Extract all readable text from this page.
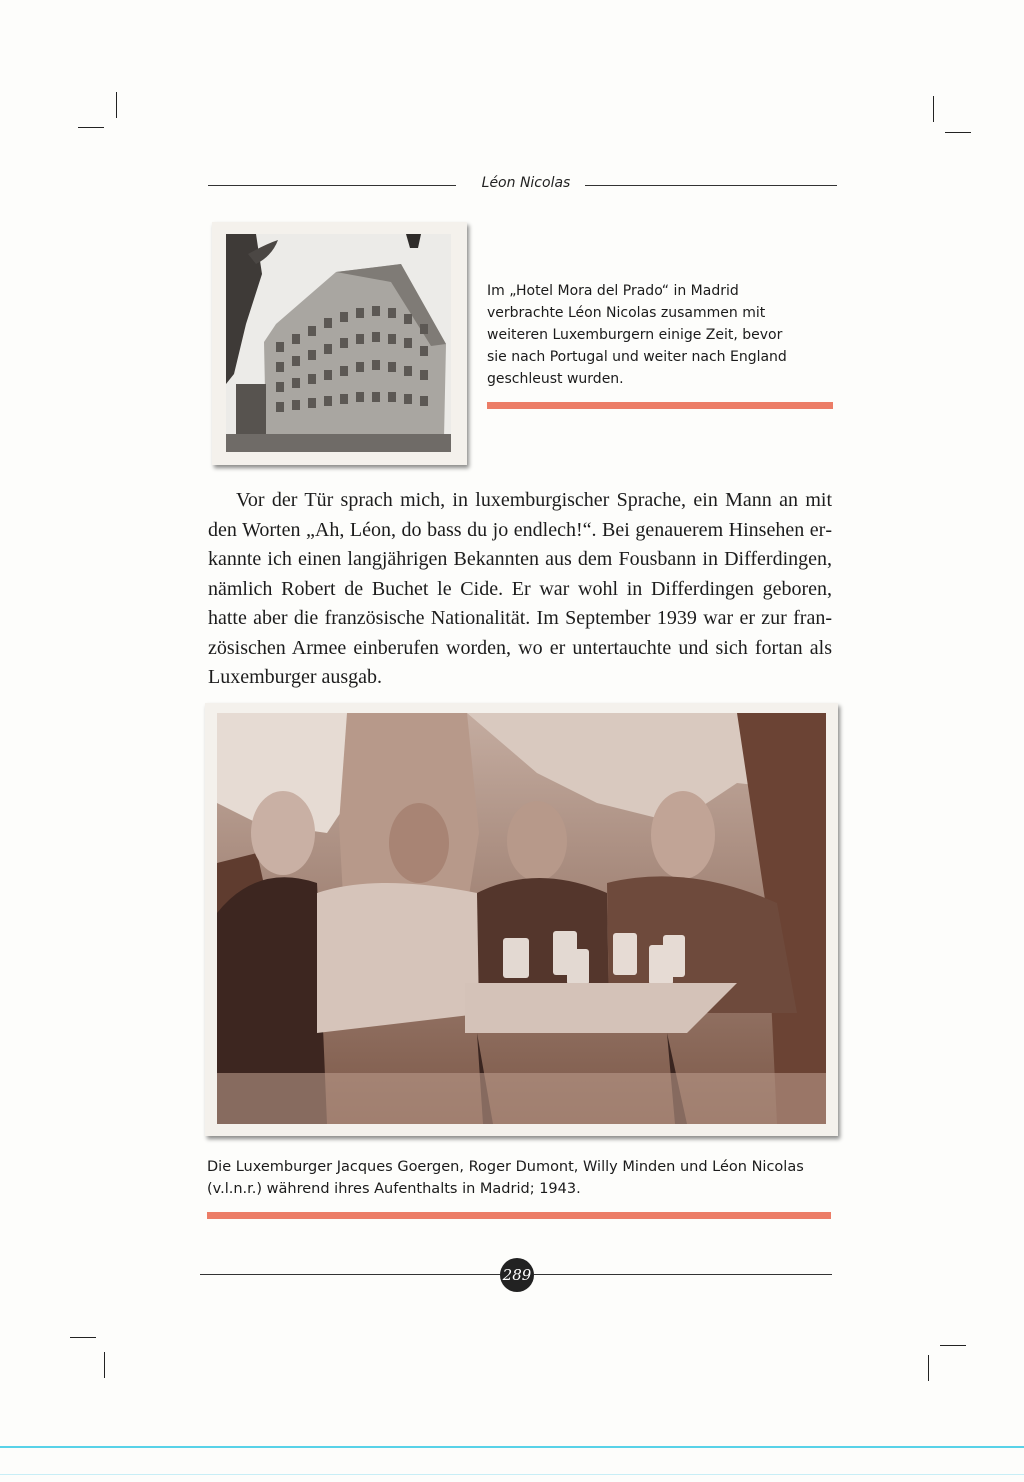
Léon Nicolas
Im „Hotel Mora del Prado“ in Madrid verbrachte Léon Nicolas zusammen mit weiteren Luxemburgern einige Zeit, bevor sie nach Portugal und weiter nach England geschleust wurden.

Vor der Tür sprach mich, in luxemburgischer Sprache, ein Mann an mit den Worten „Ah, Léon, do bass du jo endlech!“. Bei genauerem Hinsehen erkannte ich einen langjährigen Bekannten aus dem Fousbann in Differdingen, nämlich Robert de Buchet le Cide. Er war wohl in Differdingen geboren, hatte aber die französische Nationalität. Im September 1939 war er zur französischen Armee einberufen worden, wo er untertauchte und sich fortan als Luxemburger ausgab.

Die Luxemburger Jacques Goergen, Roger Dumont, Willy Minden und Léon Nicolas (v.l.n.r.) während ihres Aufenthalts in Madrid; 1943.
289
